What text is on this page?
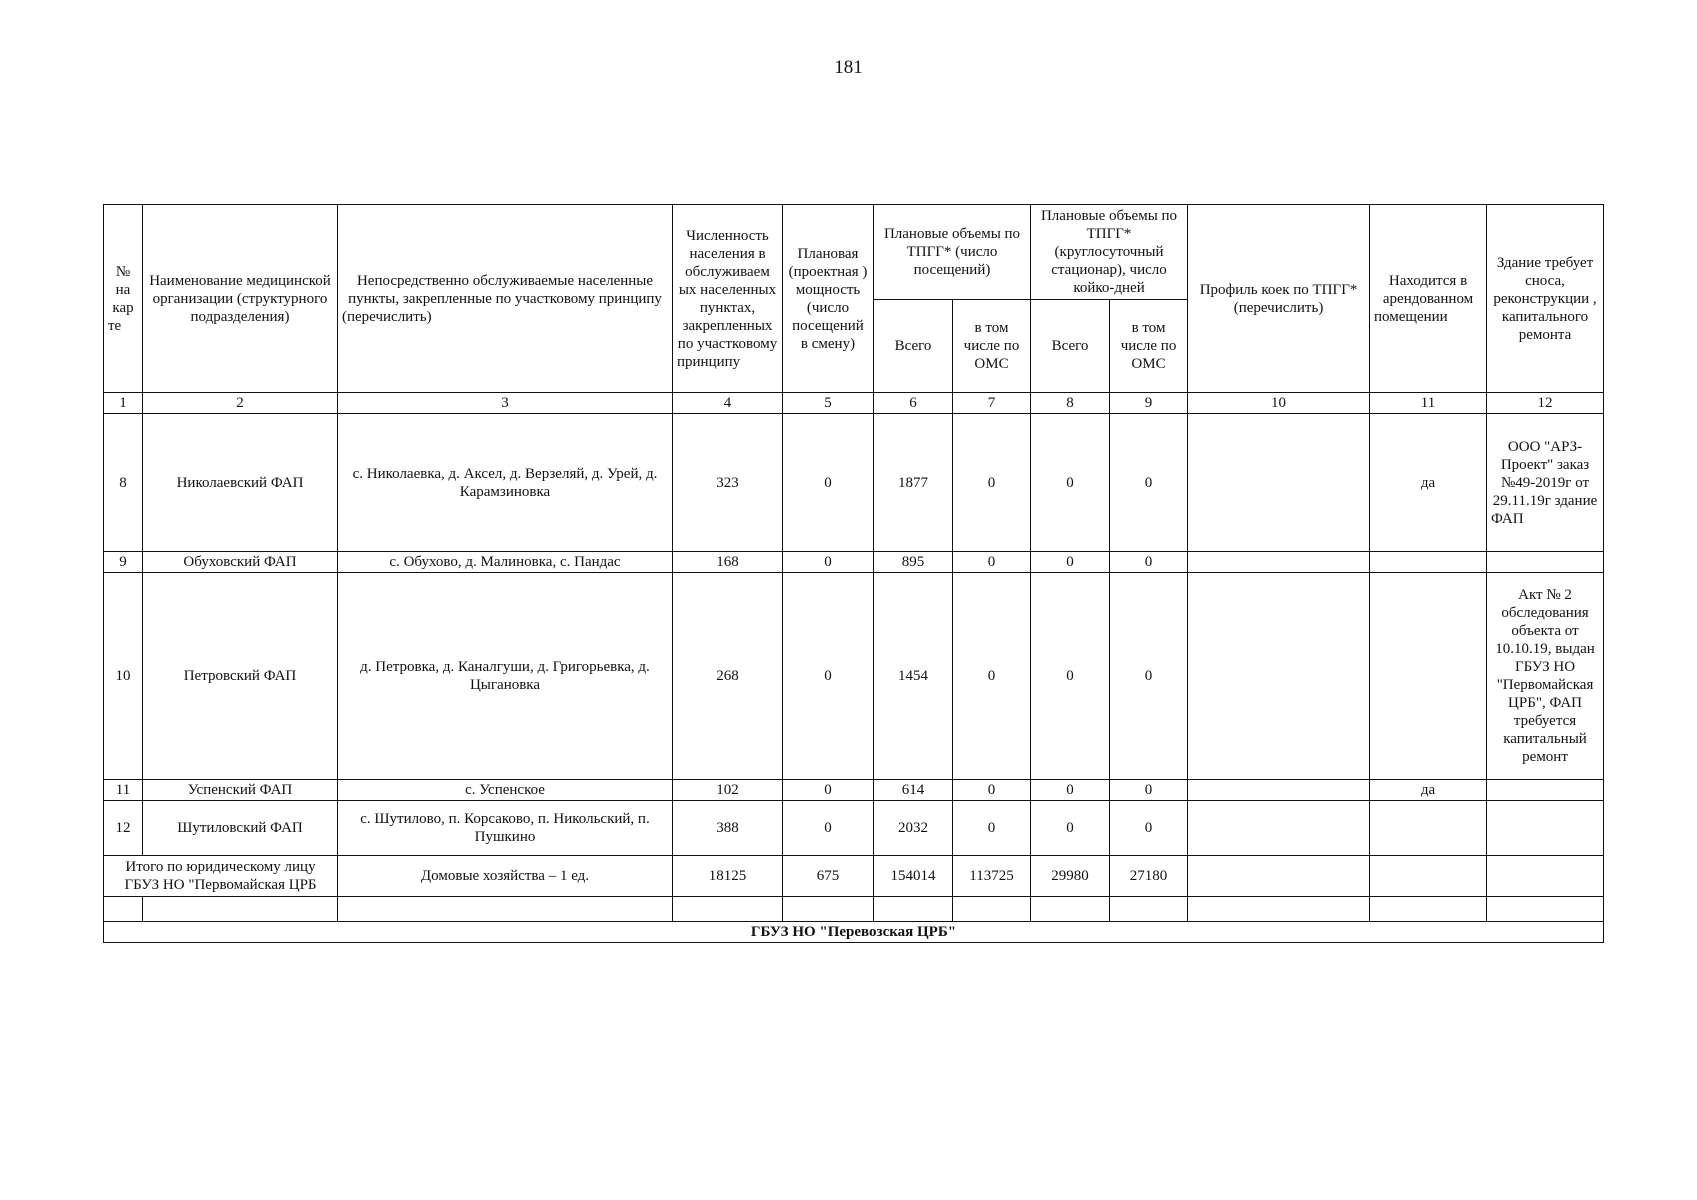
181
№ на кар те	Наименование медицинской организации (структурного подразделения)	Непосредственно обслуживаемые населенные пункты, закрепленные по участковому принципу (перечислить)	Численность населения в обслуживаем ых населенных пунктах, закрепленных по участковому принципу	Плановая (проектная ) мощность (число посещений в смену)	Плановые объемы по ТПГГ* (число посещений)		Плановые объемы по ТПГГ* (круглосуточный стационар), число койко-дней		Профиль коек по ТПГГ* (перечислить)	Находится в арендованном помещении	Здание требует сноса, реконструкции , капитального ремонта
					Всего	в том числе по ОМС	Всего	в том числе по ОМС			
1	2	3	4	5	6	7	8	9	10	11	12
8	Николаевский ФАП	с. Николаевка, д. Аксел, д. Верзеляй, д. Урей, д. Карамзиновка	323	0	1877	0	0	0		да	ООО "АРЗ-Проект" заказ №49-2019г от 29.11.19г здание ФАП
9	Обуховский ФАП	с. Обухово, д. Малиновка, с. Пандас	168	0	895	0	0	0			
10	Петровский ФАП	д. Петровка, д. Каналгуши, д. Григорьевка, д. Цыгановка	268	0	1454	0	0	0			Акт № 2 обследования объекта от 10.10.19, выдан ГБУЗ НО "Первомайская ЦРБ", ФАП требуется капитальный ремонт
11	Успенский ФАП	с. Успенское	102	0	614	0	0	0		да	
12	Шутиловский ФАП	с. Шутилово, п. Корсаково, п. Никольский, п. Пушкино	388	0	2032	0	0	0			
Итого по юридическому лицу ГБУЗ НО "Первомайская ЦРБ		Домовые хозяйства – 1 ед.	18125	675	154014	113725	29980	27180			

ГБУЗ НО "Перевозская ЦРБ"											
